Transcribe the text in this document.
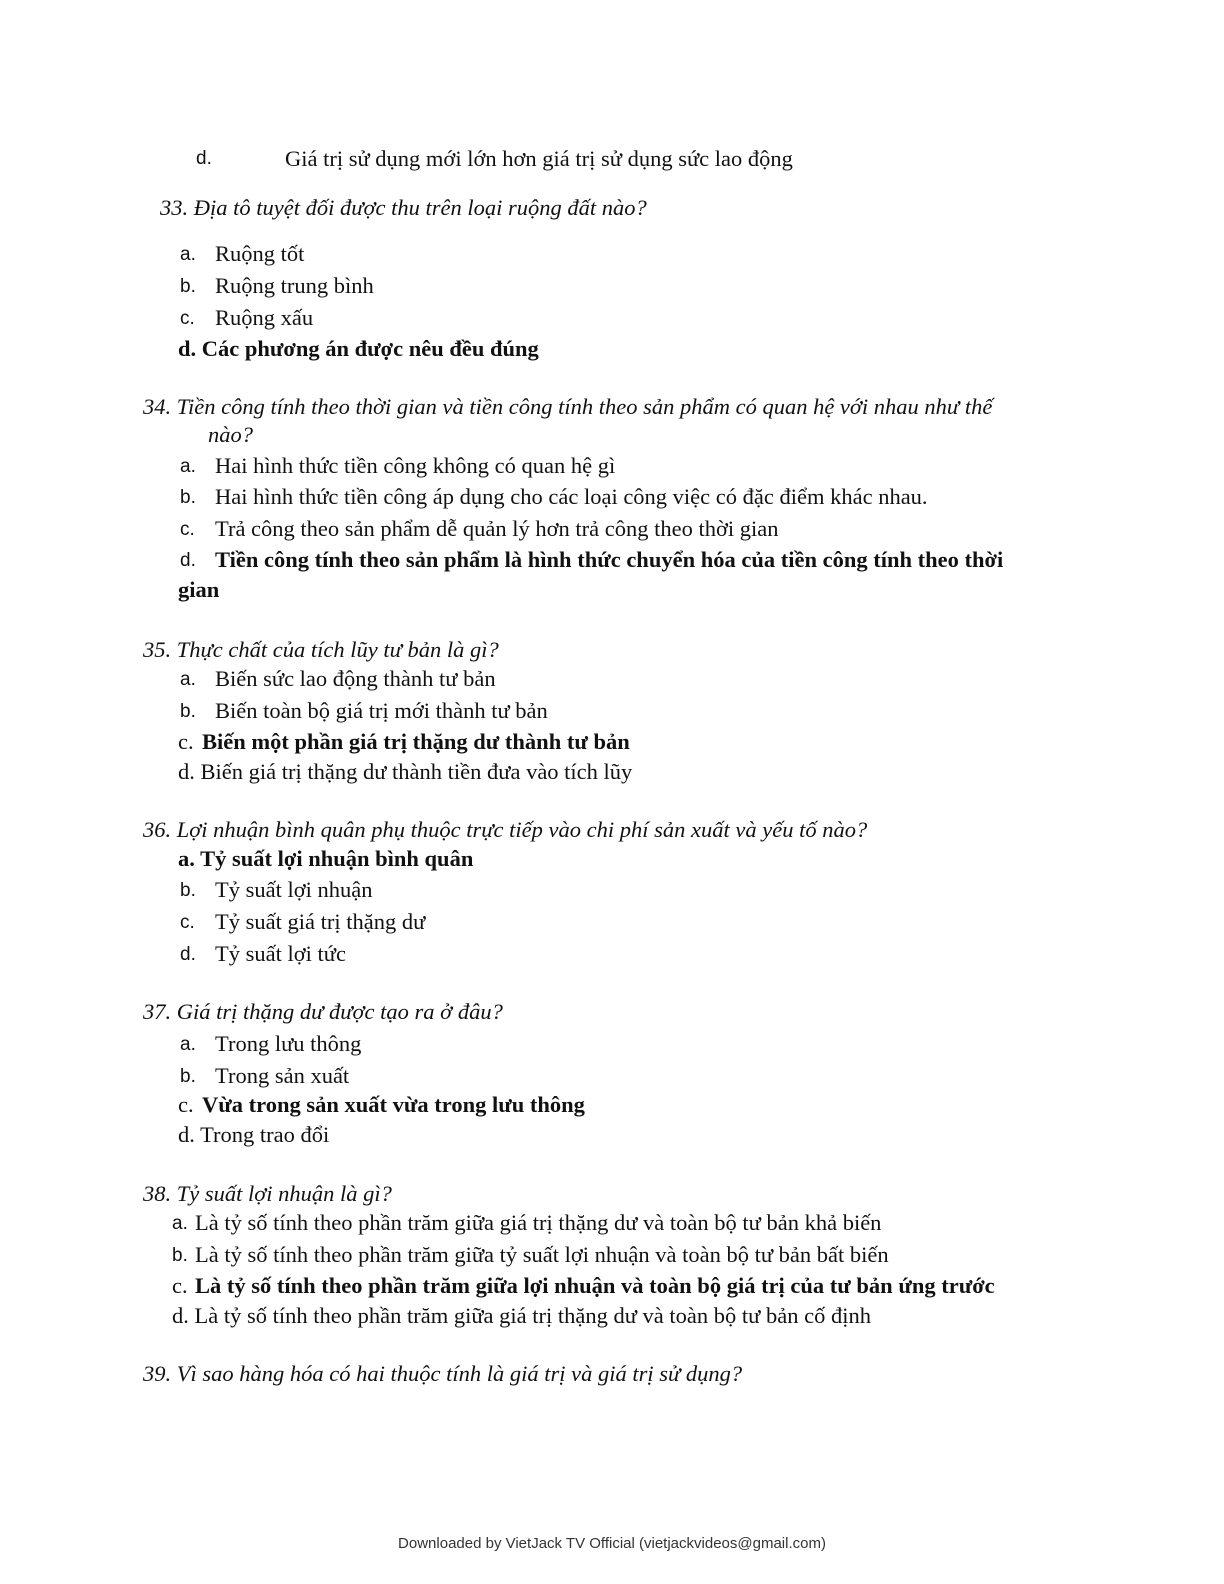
d.	Giá trị sử dụng mới lớn hơn giá trị sử dụng sức lao động
33. Địa tô tuyệt đối được thu trên loại ruộng đất nào?
a. Ruộng tốt
b. Ruộng trung bình
c. Ruộng xấu
d. Các phương án được nêu đều đúng
34. Tiền công tính theo thời gian và tiền công tính theo sản phẩm có quan hệ với nhau như thế
nào?
a. Hai hình thức tiền công không có quan hệ gì
b. Hai hình thức tiền công áp dụng cho các loại công việc có đặc điểm khác nhau.
c. Trả công theo sản phẩm dễ quản lý hơn trả công theo thời gian
d. Tiền công tính theo sản phẩm là hình thức chuyển hóa của tiền công tính theo thời
gian
35. Thực chất của tích lũy tư bản là gì?
a. Biến sức lao động thành tư bản
b. Biến toàn bộ giá trị mới thành tư bản
c. Biến một phần giá trị thặng dư thành tư bản
d. Biến giá trị thặng dư thành tiền đưa vào tích lũy
36. Lợi nhuận bình quân phụ thuộc trực tiếp vào chi phí sản xuất và yếu tố nào?
a. Tỷ suất lợi nhuận bình quân
b. Tỷ suất lợi nhuận
c. Tỷ suất giá trị thặng dư
d. Tỷ suất lợi tức
37. Giá trị thặng dư được tạo ra ở đâu?
a. Trong lưu thông
b. Trong sản xuất
c. Vừa trong sản xuất vừa trong lưu thông
d. Trong trao đổi
38. Tỷ suất lợi nhuận là gì?
a. Là tỷ số tính theo phần trăm giữa giá trị thặng dư và toàn bộ tư bản khả biến
b. Là tỷ số tính theo phần trăm giữa tỷ suất lợi nhuận và toàn bộ tư bản bất biến
c. Là tỷ số tính theo phần trăm giữa lợi nhuận và toàn bộ giá trị của tư bản ứng trước
d. Là tỷ số tính theo phần trăm giữa giá trị thặng dư và toàn bộ tư bản cố định
39. Vì sao hàng hóa có hai thuộc tính là giá trị và giá trị sử dụng?
Downloaded by VietJack TV Official (vietjackvideos@gmail.com)
